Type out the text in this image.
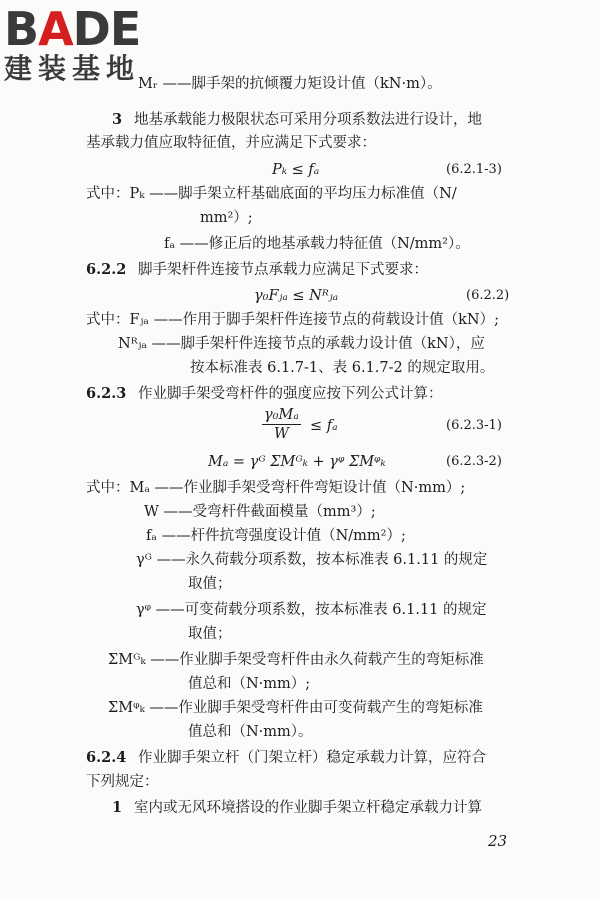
BADE
建装基地
Mᵣ ——脚手架的抗倾覆力矩设计值（kN·m）。
3 地基承载能力极限状态可采用分项系数法进行设计，地
基承载力值应取特征值，并应满足下式要求：
Pₖ ≤ fₐ	(6.2.1-3)
式中：Pₖ ——脚手架立杆基础底面的平均压力标准值（N/
mm²）;
fₐ ——修正后的地基承载力特征值（N/mm²）。
6.2.2 脚手架杆件连接节点承载力应满足下式要求：
γ₀Fⱼₐ ≤ Nᴿⱼₐ	(6.2.2)
式中：Fⱼₐ ——作用于脚手架杆件连接节点的荷载设计值（kN）;
Nᴿⱼₐ ——脚手架杆件连接节点的承载力设计值（kN），应
按本标准表 6.1.7-1、表 6.1.7-2 的规定取用。
6.2.3 作业脚手架受弯杆件的强度应按下列公式计算：
$\frac{\text{γ₀Mₐ}}{W} \le f_a$	(6.2.3-1)
Mₐ = γᴳ ΣMᴳₖ + γᵠ ΣMᵠₖ	(6.2.3-2)
式中：Mₐ ——作业脚手架受弯杆件弯矩设计值（N·mm）;
W ——受弯杆件截面模量（mm³）;
fₐ ——杆件抗弯强度设计值（N/mm²）;
γᴳ ——永久荷载分项系数，按本标准表 6.1.11 的规定
取值；
γᵠ ——可变荷载分项系数，按本标准表 6.1.11 的规定
取值；
ΣMᴳₖ ——作业脚手架受弯杆件由永久荷载产生的弯矩标准
值总和（N·mm）;
ΣMᵠₖ ——作业脚手架受弯杆件由可变荷载产生的弯矩标准
值总和（N·mm）。
6.2.4 作业脚手架立杆（门架立杆）稳定承载力计算，应符合
下列规定：
1 室内或无风环境搭设的作业脚手架立杆稳定承载力计算
23
